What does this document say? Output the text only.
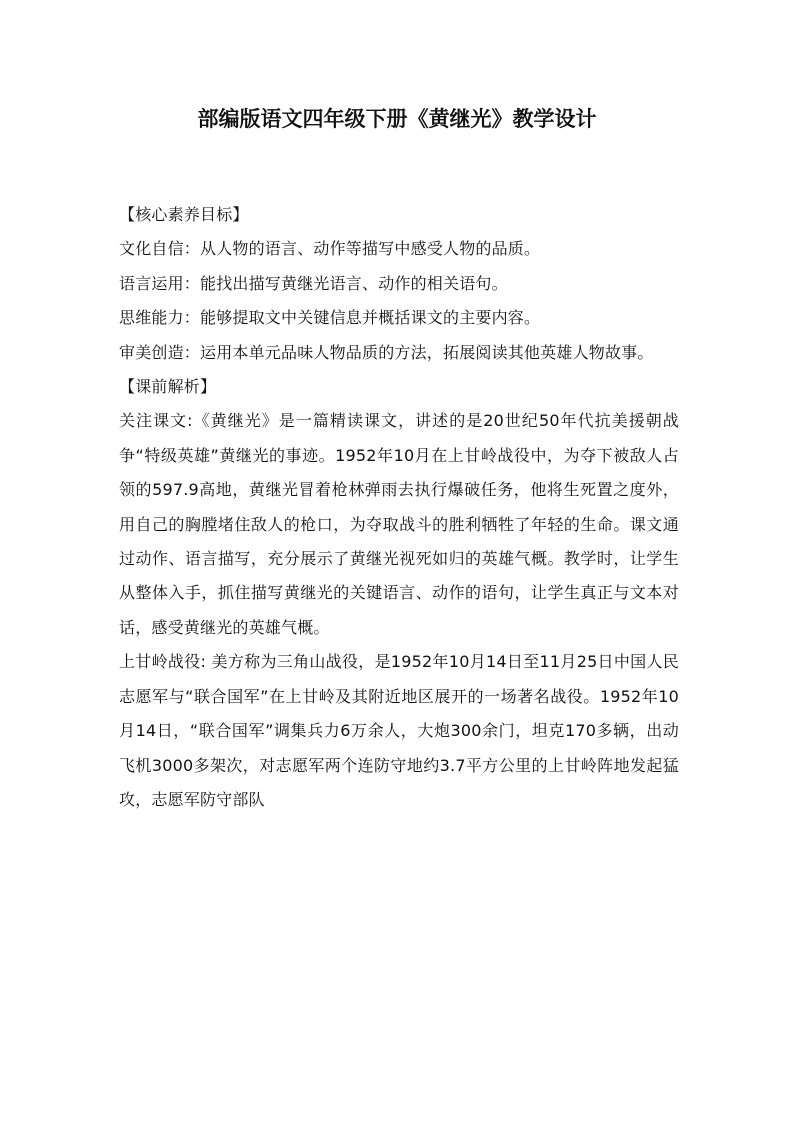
部编版语文四年级下册《黄继光》教学设计

【核心素养目标】

文化自信：从人物的语言、动作等描写中感受人物的品质。

语言运用：能找出描写黄继光语言、动作的相关语句。

思维能力：能够提取文中关键信息并概括课文的主要内容。

审美创造：运用本单元品味人物品质的方法，拓展阅读其他英雄人物故事。

【课前解析】

关注课文:《黄继光》是一篇精读课文，讲述的是20世纪50年代抗美援朝战争“特级英雄”黄继光的事迹。1952年10月在上甘岭战役中，为夺下被敌人占领的597.9高地，黄继光冒着枪林弹雨去执行爆破任务，他将生死置之度外，用自己的胸膛堵住敌人的枪口，为夺取战斗的胜利牺牲了年轻的生命。课文通过动作、语言描写，充分展示了黄继光视死如归的英雄气概。教学时，让学生从整体入手，抓住描写黄继光的关键语言、动作的语句，让学生真正与文本对话，感受黄继光的英雄气概。

上甘岭战役: 美方称为三角山战役，是1952年10月14日至11月25日中国人民志愿军与“联合国军”在上甘岭及其附近地区展开的一场著名战役。1952年10月14日，“联合国军”调集兵力6万余人，大炮300余门，坦克170多辆，出动飞机3000多架次，对志愿军两个连防守地约3.7平方公里的上甘岭阵地发起猛攻，志愿军防守部队
